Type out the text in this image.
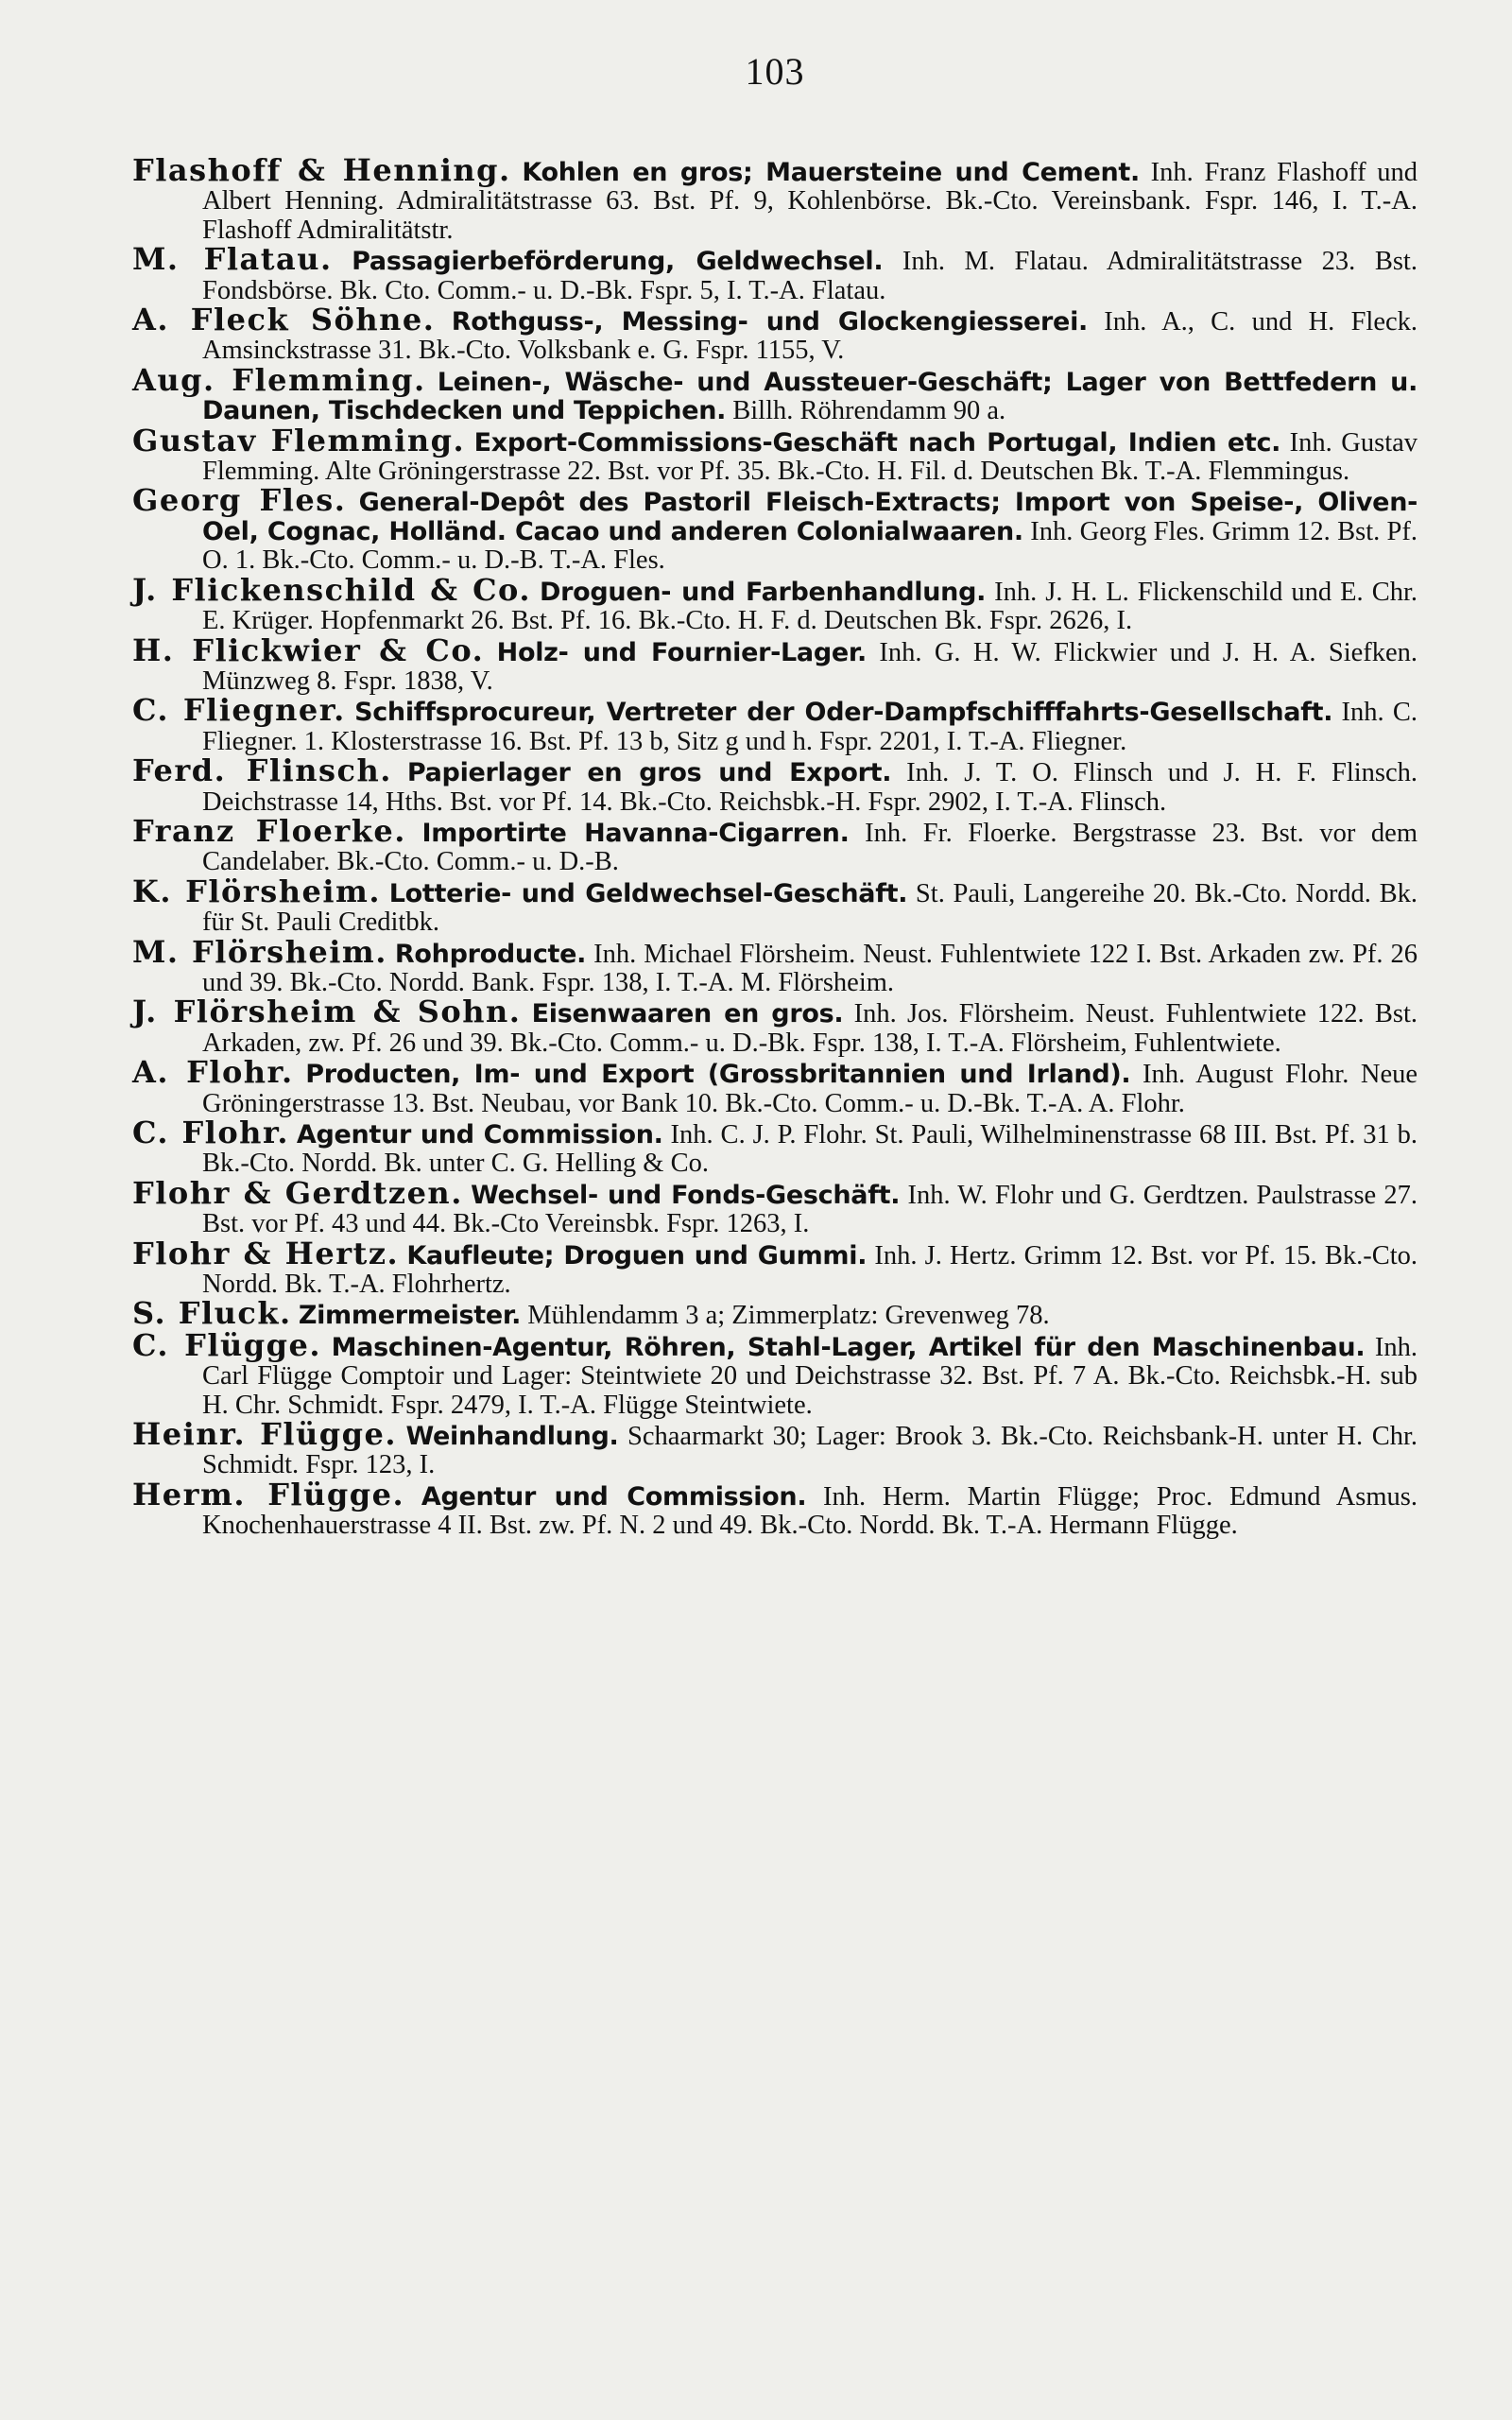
103

Flashoff & Henning. Kohlen en gros; Mauersteine und Cement. Inh. Franz Flashoff und Albert Henning. Admiralitätstrasse 63. Bst. Pf. 9, Kohlenbörse. Bk.-Cto. Vereinsbank. Fspr. 146, I. T.-A. Flashoff Admiralitätstr.

M. Flatau. Passagierbeförderung, Geldwechsel. Inh. M. Flatau. Admiralitätstrasse 23. Bst. Fondsbörse. Bk. Cto. Comm.- u. D.-Bk. Fspr. 5, I. T.-A. Flatau.

A. Fleck Söhne. Rothguss-, Messing- und Glockengiesserei. Inh. A., C. und H. Fleck. Amsinckstrasse 31. Bk.-Cto. Volksbank e. G. Fspr. 1155, V.

Aug. Flemming. Leinen-, Wäsche- und Aussteuer-Geschäft; Lager von Bettfedern u. Daunen, Tischdecken und Teppichen. Billh. Röhrendamm 90 a.

Gustav Flemming. Export-Commissions-Geschäft nach Portugal, Indien etc. Inh. Gustav Flemming. Alte Gröningerstrasse 22. Bst. vor Pf. 35. Bk.-Cto. H. Fil. d. Deutschen Bk. T.-A. Flemmingus.

Georg Fles. General-Depôt des Pastoril Fleisch-Extracts; Import von Speise-, Oliven-Oel, Cognac, Holländ. Cacao und anderen Colonialwaaren. Inh. Georg Fles. Grimm 12. Bst. Pf. O. 1. Bk.-Cto. Comm.- u. D.-B. T.-A. Fles.

J. Flickenschild & Co. Droguen- und Farbenhandlung. Inh. J. H. L. Flickenschild und E. Chr. E. Krüger. Hopfenmarkt 26. Bst. Pf. 16. Bk.-Cto. H. F. d. Deutschen Bk. Fspr. 2626, I.

H. Flickwier & Co. Holz- und Fournier-Lager. Inh. G. H. W. Flickwier und J. H. A. Siefken. Münzweg 8. Fspr. 1838, V.

C. Fliegner. Schiffsprocureur, Vertreter der Oder-Dampfschifffahrts-Gesellschaft. Inh. C. Fliegner. 1. Klosterstrasse 16. Bst. Pf. 13 b, Sitz g und h. Fspr. 2201, I. T.-A. Fliegner.

Ferd. Flinsch. Papierlager en gros und Export. Inh. J. T. O. Flinsch und J. H. F. Flinsch. Deichstrasse 14, Hths. Bst. vor Pf. 14. Bk.-Cto. Reichsbk.-H. Fspr. 2902, I. T.-A. Flinsch.

Franz Floerke. Importirte Havanna-Cigarren. Inh. Fr. Floerke. Bergstrasse 23. Bst. vor dem Candelaber. Bk.-Cto. Comm.- u. D.-B.

K. Flörsheim. Lotterie- und Geldwechsel-Geschäft. St. Pauli, Langereihe 20. Bk.-Cto. Nordd. Bk. für St. Pauli Creditbk.

M. Flörsheim. Rohproducte. Inh. Michael Flörsheim. Neust. Fuhlentwiete 122 I. Bst. Arkaden zw. Pf. 26 und 39. Bk.-Cto. Nordd. Bank. Fspr. 138, I. T.-A. M. Flörsheim.

J. Flörsheim & Sohn. Eisenwaaren en gros. Inh. Jos. Flörsheim. Neust. Fuhlentwiete 122. Bst. Arkaden, zw. Pf. 26 und 39. Bk.-Cto. Comm.- u. D.-Bk. Fspr. 138, I. T.-A. Flörsheim, Fuhlentwiete.

A. Flohr. Producten, Im- und Export (Grossbritannien und Irland). Inh. August Flohr. Neue Gröningerstrasse 13. Bst. Neubau, vor Bank 10. Bk.-Cto. Comm.- u. D.-Bk. T.-A. A. Flohr.

C. Flohr. Agentur und Commission. Inh. C. J. P. Flohr. St. Pauli, Wilhelminenstrasse 68 III. Bst. Pf. 31 b. Bk.-Cto. Nordd. Bk. unter C. G. Helling & Co.

Flohr & Gerdtzen. Wechsel- und Fonds-Geschäft. Inh. W. Flohr und G. Gerdtzen. Paulstrasse 27. Bst. vor Pf. 43 und 44. Bk.-Cto Vereinsbk. Fspr. 1263, I.

Flohr & Hertz. Kaufleute; Droguen und Gummi. Inh. J. Hertz. Grimm 12. Bst. vor Pf. 15. Bk.-Cto. Nordd. Bk. T.-A. Flohrhertz.

S. Fluck. Zimmermeister. Mühlendamm 3 a; Zimmerplatz: Grevenweg 78.

C. Flügge. Maschinen-Agentur, Röhren, Stahl-Lager, Artikel für den Maschinenbau. Inh. Carl Flügge Comptoir und Lager: Steintwiete 20 und Deichstrasse 32. Bst. Pf. 7 A. Bk.-Cto. Reichsbk.-H. sub H. Chr. Schmidt. Fspr. 2479, I. T.-A. Flügge Steintwiete.

Heinr. Flügge. Weinhandlung. Schaarmarkt 30; Lager: Brook 3. Bk.-Cto. Reichsbank-H. unter H. Chr. Schmidt. Fspr. 123, I.

Herm. Flügge. Agentur und Commission. Inh. Herm. Martin Flügge; Proc. Edmund Asmus. Knochenhauerstrasse 4 II. Bst. zw. Pf. N. 2 und 49. Bk.-Cto. Nordd. Bk. T.-A. Hermann Flügge.
